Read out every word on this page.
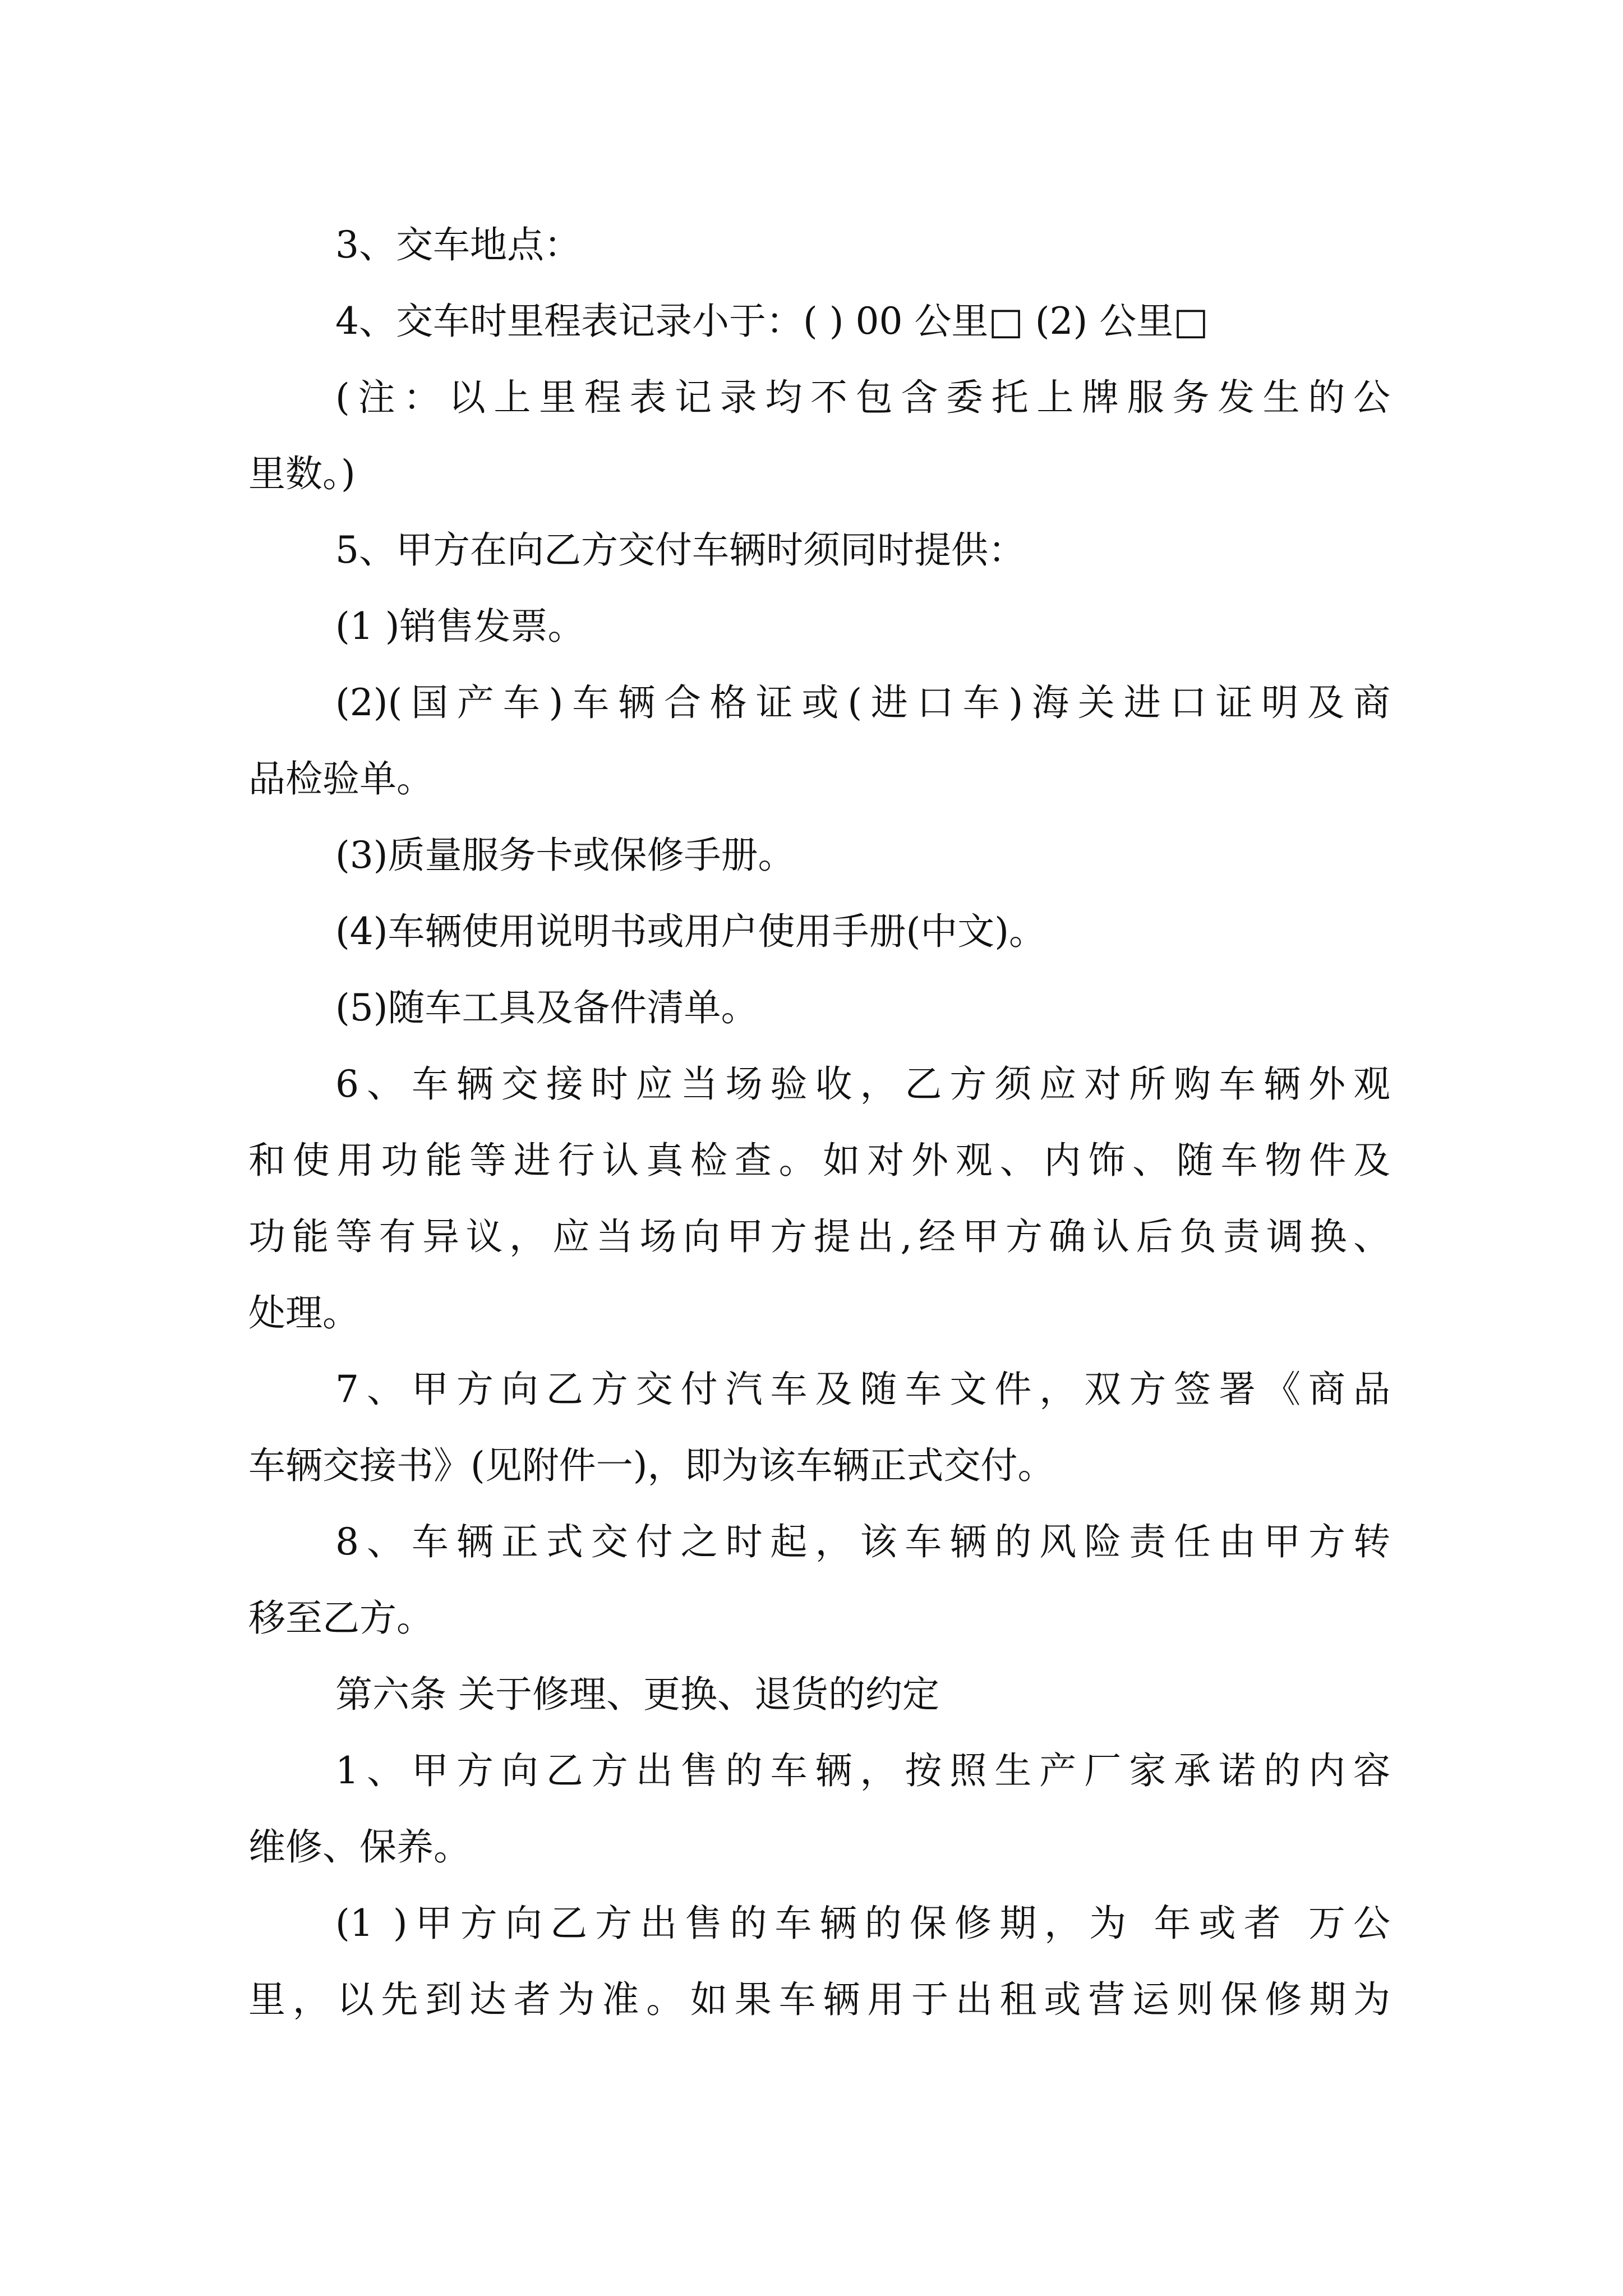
3、交车地点：
4、交车时里程表记录小于：( ) 00 公里□ (2) 公里□
(注：以上里程表记录均不包含委托上牌服务发生的公
里数。)
5、甲方在向乙方交付车辆时须同时提供：
(1 )销售发票。
(2)(国产车)车辆合格证或(进口车)海关进口证明及商
品检验单。
(3)质量服务卡或保修手册。
(4)车辆使用说明书或用户使用手册(中文)。
(5)随车工具及备件清单。
6、车辆交接时应当场验收，乙方须应对所购车辆外观
和使用功能等进行认真检查。如对外观、内饰、随车物件及
功能等有异议，应当场向甲方提出,经甲方确认后负责调换、
处理。
7、甲方向乙方交付汽车及随车文件，双方签署《商品
车辆交接书》(见附件一)，即为该车辆正式交付。
8、车辆正式交付之时起，该车辆的风险责任由甲方转
移至乙方。
第六条 关于修理、更换、退货的约定
1、甲方向乙方出售的车辆，按照生产厂家承诺的内容
维修、保养。
(1 )甲方向乙方出售的车辆的保修期，为 年或者 万公
里，以先到达者为准。如果车辆用于出租或营运则保修期为
